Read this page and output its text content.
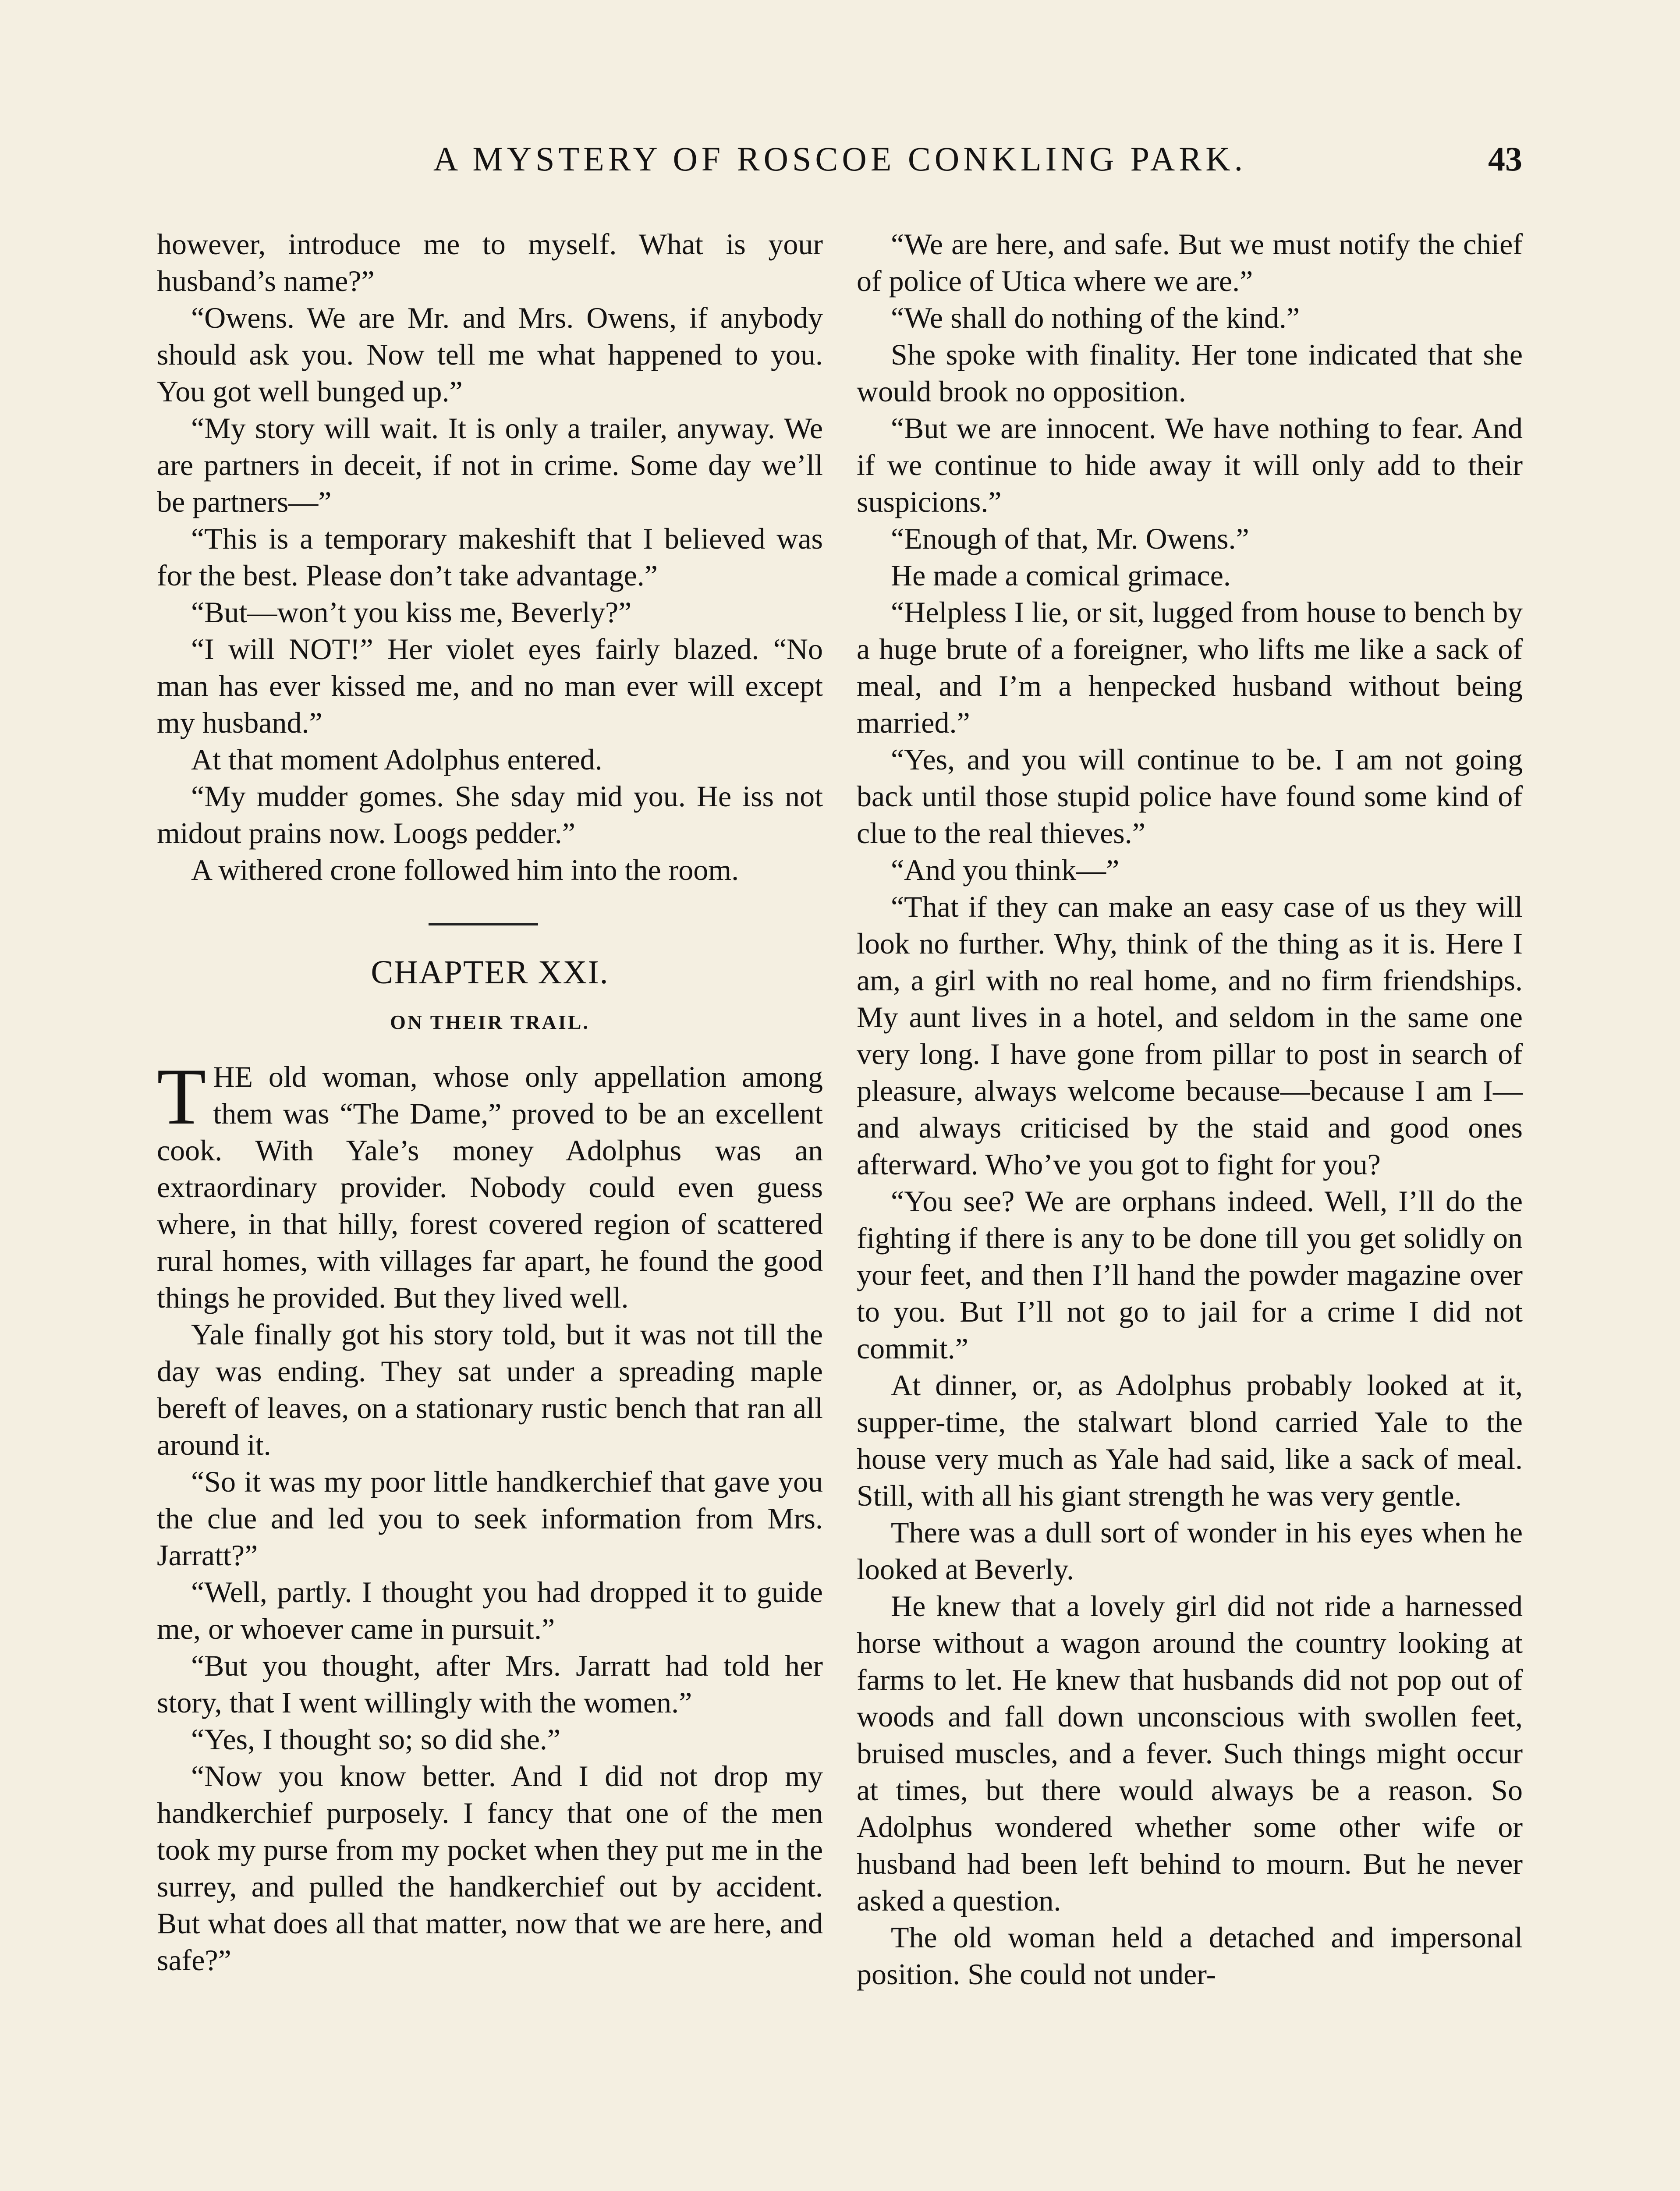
A MYSTERY OF ROSCOE CONKLING PARK.	43

however, introduce me to myself. What is your husband’s name?”

“Owens. We are Mr. and Mrs. Owens, if anybody should ask you. Now tell me what happened to you. You got well bunged up.”

“My story will wait. It is only a trailer, anyway. We are partners in deceit, if not in crime. Some day we’ll be partners—”

“This is a temporary makeshift that I believed was for the best. Please don’t take advantage.”

“But—won’t you kiss me, Beverly?”

“I will NOT!” Her violet eyes fairly blazed. “No man has ever kissed me, and no man ever will except my husband.”

At that moment Adolphus entered.

“My mudder gomes. She sday mid you. He iss not midout prains now. Loogs pedder.”

A withered crone followed him into the room.

CHAPTER XXI.
ON THEIR TRAIL.

THE old woman, whose only appellation among them was “The Dame,” proved to be an excellent cook. With Yale’s money Adolphus was an extraordinary provider. Nobody could even guess where, in that hilly, forest covered region of scattered rural homes, with villages far apart, he found the good things he provided. But they lived well.

Yale finally got his story told, but it was not till the day was ending. They sat under a spreading maple bereft of leaves, on a stationary rustic bench that ran all around it.

“So it was my poor little handkerchief that gave you the clue and led you to seek information from Mrs. Jarratt?”

“Well, partly. I thought you had dropped it to guide me, or whoever came in pursuit.”

“But you thought, after Mrs. Jarratt had told her story, that I went willingly with the women.”

“Yes, I thought so; so did she.”

“Now you know better. And I did not drop my handkerchief purposely. I fancy that one of the men took my purse from my pocket when they put me in the surrey, and pulled the handkerchief out by accident. But what does all that matter, now that we are here, and safe?”

“We are here, and safe. But we must notify the chief of police of Utica where we are.”

“We shall do nothing of the kind.”

She spoke with finality. Her tone indicated that she would brook no opposition.

“But we are innocent. We have nothing to fear. And if we continue to hide away it will only add to their suspicions.”

“Enough of that, Mr. Owens.”

He made a comical grimace.

“Helpless I lie, or sit, lugged from house to bench by a huge brute of a foreigner, who lifts me like a sack of meal, and I’m a henpecked husband without being married.”

“Yes, and you will continue to be. I am not going back until those stupid police have found some kind of clue to the real thieves.”

“And you think—”

“That if they can make an easy case of us they will look no further. Why, think of the thing as it is. Here I am, a girl with no real home, and no firm friendships. My aunt lives in a hotel, and seldom in the same one very long. I have gone from pillar to post in search of pleasure, always welcome because—because I am I—and always criticised by the staid and good ones afterward. Who’ve you got to fight for you?

“You see? We are orphans indeed. Well, I’ll do the fighting if there is any to be done till you get solidly on your feet, and then I’ll hand the powder magazine over to you. But I’ll not go to jail for a crime I did not commit.”

At dinner, or, as Adolphus probably looked at it, supper-time, the stalwart blond carried Yale to the house very much as Yale had said, like a sack of meal. Still, with all his giant strength he was very gentle.

There was a dull sort of wonder in his eyes when he looked at Beverly.

He knew that a lovely girl did not ride a harnessed horse without a wagon around the country looking at farms to let. He knew that husbands did not pop out of woods and fall down unconscious with swollen feet, bruised muscles, and a fever. Such things might occur at times, but there would always be a reason. So Adolphus wondered whether some other wife or husband had been left behind to mourn. But he never asked a question.

The old woman held a detached and impersonal position. She could not under-
